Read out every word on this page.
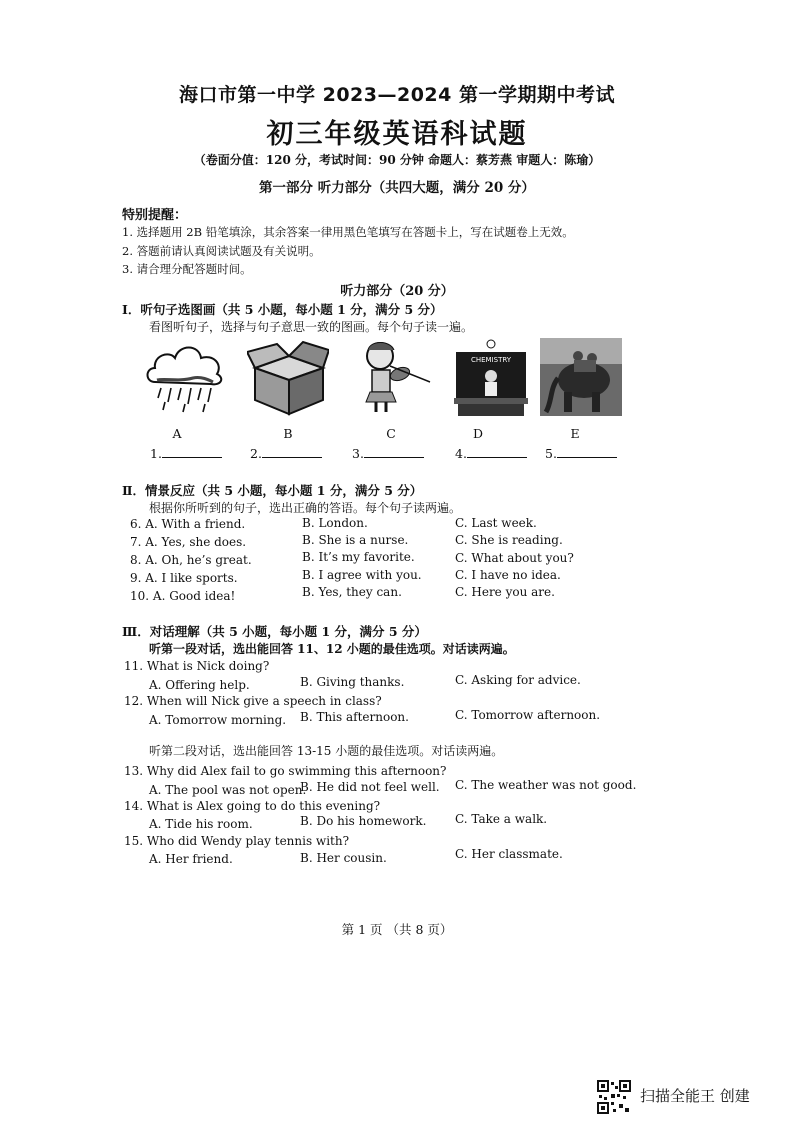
海口市第一中学 2023—2024 第一学期期中考试
初三年级英语科试题
（卷面分值：120 分，考试时间：90 分钟 命题人：蔡芳燕 审题人：陈瑜）
第一部分 听力部分（共四大题，满分 20 分）
特别提醒：
1. 选择题用 2B 铅笔填涂，其余答案一律用黑色笔填写在答题卡上，写在试题卷上无效。
2. 答题前请认真阅读试题及有关说明。
3. 请合理分配答题时间。
听力部分（20 分）
Ⅰ．听句子选图画（共 5 小题，每小题 1 分，满分 5 分）
看图听句子，选择与句子意思一致的图画。每个句子读一遍。
CHEMISTRY
A	B	C	D	E
1.	2.	3.	4.	5.
Ⅱ．情景反应（共 5 小题，每小题 1 分，满分 5 分）
根据你所听到的句子，选出正确的答语。每个句子读两遍。
6. A. With a friend.	B. London.	C. Last week.
7. A. Yes, she does.	B. She is a nurse.	C. She is reading.
8. A. Oh, he’s great.	B. It’s my favorite.	C. What about you?
9. A. I like sports.	B. I agree with you.	C. I have no idea.
10. A. Good idea!	B. Yes, they can.	C. Here you are.
Ⅲ．对话理解（共 5 小题，每小题 1 分，满分 5 分）
听第一段对话，选出能回答 11、12 小题的最佳选项。对话读两遍。
11. What is Nick doing?
A. Offering help.	B. Giving thanks.	C. Asking for advice.
12. When will Nick give a speech in class?
A. Tomorrow morning. B. This afternoon.	C. Tomorrow afternoon.
听第二段对话，选出能回答 13-15 小题的最佳选项。对话读两遍。
13. Why did Alex fail to go swimming this afternoon?
A. The pool was not open.
B. He did not feel well. C. The weather was not good.
14. What is Alex going to do this evening?
A. Tide his room.	B. Do his homework. C. Take a walk.
15. Who did Wendy play tennis with?
A. Her friend.	B. Her cousin.	C. Her classmate.
第 1 页 （共 8 页）
扫描全能王 创建
